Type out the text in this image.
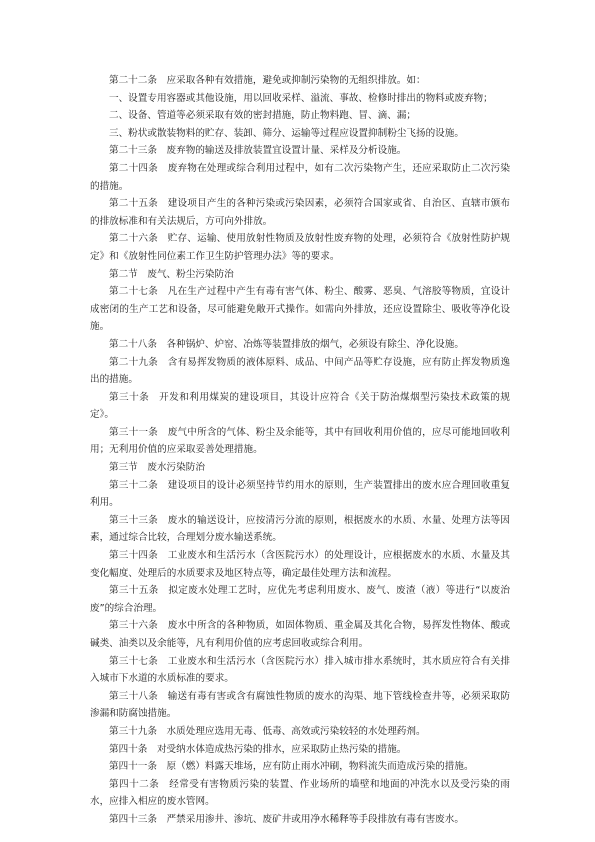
第二十二条　应采取各种有效措施，避免或抑制污染物的无组织排放。如：

一、设置专用容器或其他设施，用以回收采样、溢流、事故、检修时排出的物料或废弃物；

二、设备、管道等必须采取有效的密封措施，防止物料跑、冒、滴、漏；

三、粉状或散装物料的贮存、装卸、筛分、运输等过程应设置抑制粉尘飞扬的设施。

第二十三条　废弃物的输送及排放装置宜设置计量、采样及分析设施。

第二十四条　废弃物在处理或综合利用过程中，如有二次污染物产生，还应采取防止二次污染的措施。

第二十五条　建设项目产生的各种污染或污染因素，必须符合国家或省、自治区、直辖市颁布的排放标准和有关法规后，方可向外排放。

第二十六条　贮存、运输、使用放射性物质及放射性废弃物的处理，必须符合《放射性防护规定》和《放射性同位素工作卫生防护管理办法》等的要求。

第二节　废气、粉尘污染防治

第二十七条　凡在生产过程中产生有毒有害气体、粉尘、酸雾、恶臭、气溶胶等物质，宜设计成密闭的生产工艺和设备，尽可能避免敞开式操作。如需向外排放，还应设置除尘、吸收等净化设施。

第二十八条　各种锅炉、炉窑、冶炼等装置排放的烟气，必须设有除尘、净化设施。

第二十九条　含有易挥发物质的液体原料、成品、中间产品等贮存设施，应有防止挥发物质逸出的措施。

第三十条　开发和利用煤炭的建设项目，其设计应符合《关于防治煤烟型污染技术政策的规定》。

第三十一条　废气中所含的气体、粉尘及余能等，其中有回收利用价值的，应尽可能地回收利用；无利用价值的应采取妥善处理措施。

第三节　废水污染防治

第三十二条　建设项目的设计必须坚持节约用水的原则，生产装置排出的废水应合理回收重复利用。

第三十三条　废水的输送设计，应按清污分流的原则，根据废水的水质、水量、处理方法等因素，通过综合比较，合理划分废水输送系统。

第三十四条　工业废水和生活污水（含医院污水）的处理设计，应根据废水的水质、水量及其变化幅度、处理后的水质要求及地区特点等，确定最佳处理方法和流程。

第三十五条　拟定废水处理工艺时，应优先考虑利用废水、废气、废渣（液）等进行“以废治废”的综合治理。

第三十六条　废水中所含的各种物质，如固体物质、重金属及其化合物，易挥发性物体、酸或碱类、油类以及余能等，凡有利用价值的应考虑回收或综合利用。

第三十七条　工业废水和生活污水（含医院污水）排入城市排水系统时，其水质应符合有关排入城市下水道的水质标准的要求。

第三十八条　输送有毒有害或含有腐蚀性物质的废水的沟渠、地下管线检查井等，必须采取防渗漏和防腐蚀措施。

第三十九条　水质处理应选用无毒、低毒、高效或污染较轻的水处理药剂。

第四十条　对受纳水体造成热污染的排水，应采取防止热污染的措施。

第四十一条　原（燃）料露天堆场，应有防止雨水冲刷，物料流失而造成污染的措施。

第四十二条　经常受有害物质污染的装置、作业场所的墙壁和地面的冲洗水以及受污染的雨水，应排入相应的废水管网。

第四十三条　严禁采用渗井、渗坑、废矿井或用净水稀释等手段排放有毒有害废水。
